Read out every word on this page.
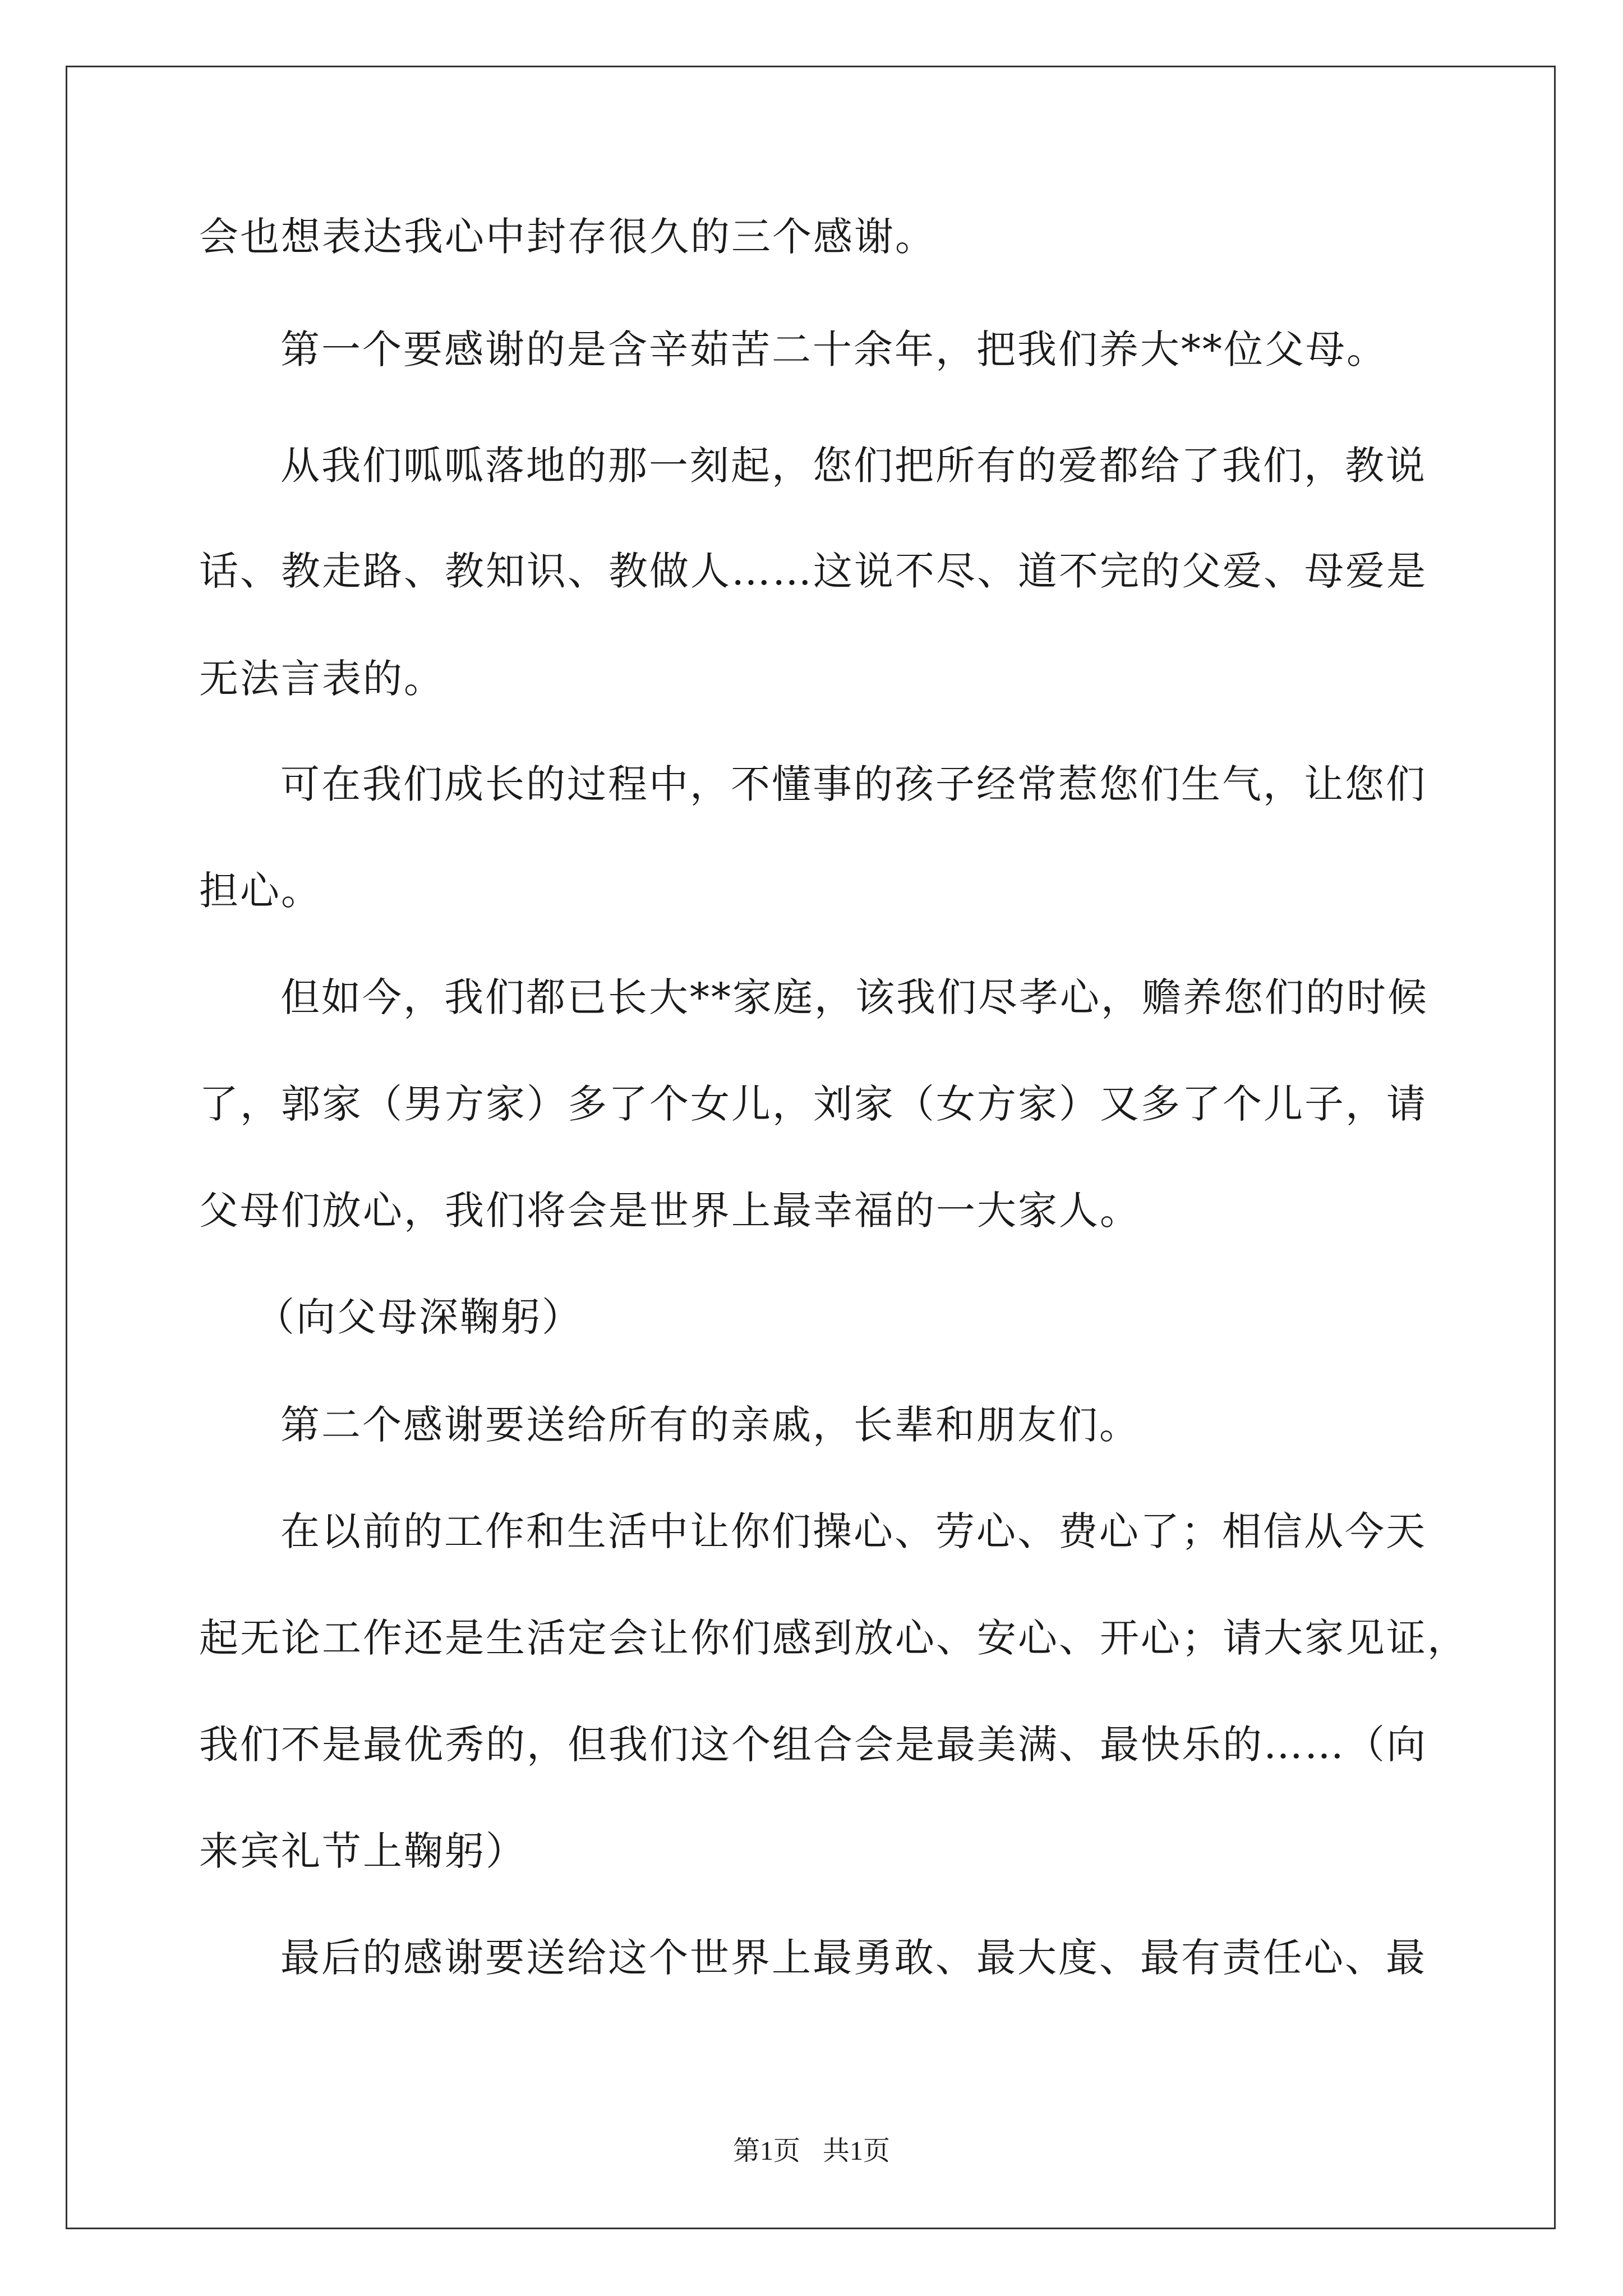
会也想表达我心中封存很久的三个感谢。
第一个要感谢的是含辛茹苦二十余年，把我们养大**位父母。
从我们呱呱落地的那一刻起，您们把所有的爱都给了我们，教说
话、教走路、教知识、教做人……这说不尽、道不完的父爱、母爱是
无法言表的。
可在我们成长的过程中，不懂事的孩子经常惹您们生气，让您们
担心。
但如今，我们都已长大**家庭，该我们尽孝心，赡养您们的时候
了，郭家（男方家）多了个女儿，刘家（女方家）又多了个儿子，请
父母们放心，我们将会是世界上最幸福的一大家人。
（向父母深鞠躬）
第二个感谢要送给所有的亲戚，长辈和朋友们。
在以前的工作和生活中让你们操心、劳心、费心了；相信从今天
起无论工作还是生活定会让你们感到放心、安心、开心；请大家见证，
我们不是最优秀的，但我们这个组合会是最美满、最快乐的……（向
来宾礼节上鞠躬）
最后的感谢要送给这个世界上最勇敢、最大度、最有责任心、最
第1页 共1页
